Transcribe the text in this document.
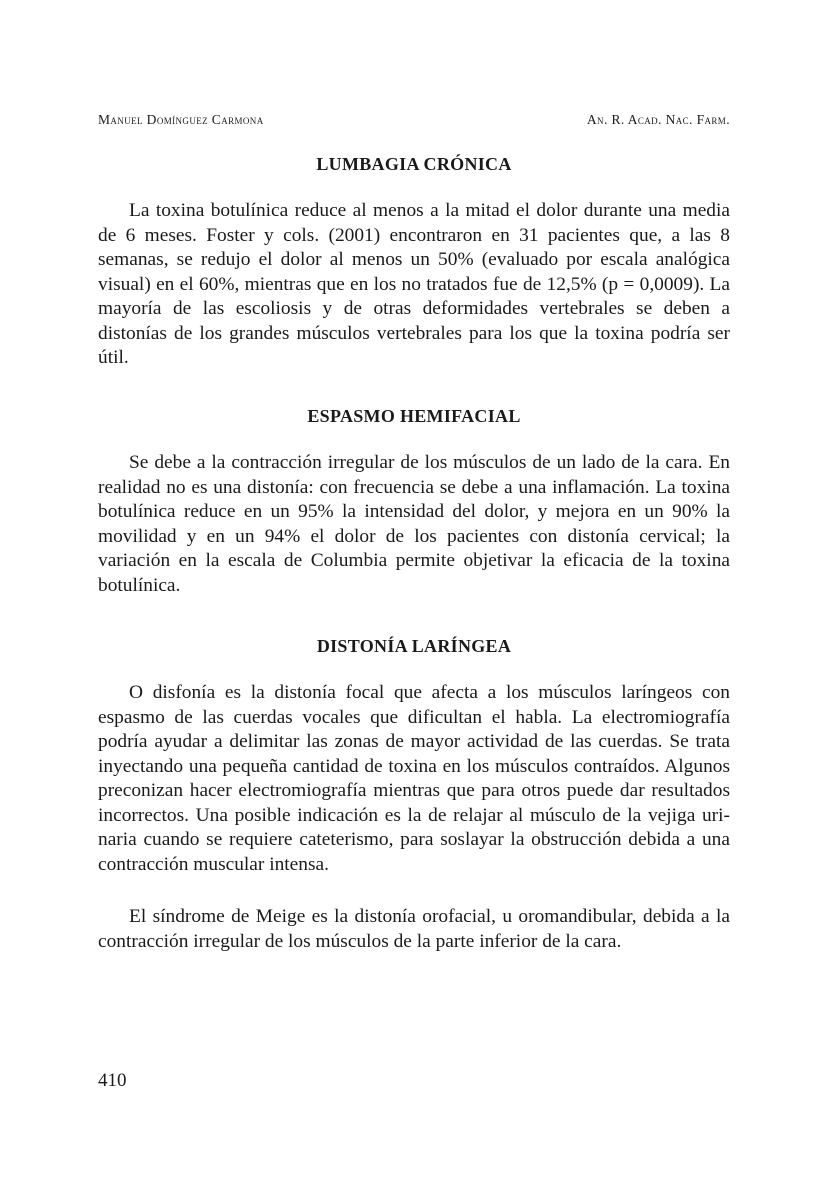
Manuel Domínguez Carmona	An. R. Acad. Nac. Farm.
LUMBAGIA CRÓNICA

La toxina botulínica reduce al menos a la mitad el dolor durante una media de 6 meses. Foster y cols. (2001) encontraron en 31 pacientes que, a las 8 semanas, se redujo el dolor al menos un 50% (evaluado por escala analógica visual) en el 60%, mientras que en los no tratados fue de 12,5% (p = 0,0009). La mayoría de las escoliosis y de otras deformidades vertebrales se deben a distonías de los grandes músculos vertebrales para los que la toxina podría ser útil.

ESPASMO HEMIFACIAL

Se debe a la contracción irregular de los músculos de un lado de la cara. En realidad no es una distonía: con frecuencia se debe a una inflamación. La toxina botulínica reduce en un 95% la intensidad del dolor, y mejora en un 90% la movilidad y en un 94% el dolor de los pacientes con distonía cervical; la variación en la escala de Columbia permite objetivar la eficacia de la toxina botulínica.

DISTONÍA LARÍNGEA

O disfonía es la distonía focal que afecta a los músculos laríngeos con espasmo de las cuerdas vocales que dificultan el habla. La electromiografía podría ayudar a delimitar las zonas de mayor actividad de las cuerdas. Se trata inyectando una pequeña cantidad de toxina en los músculos contraídos. Algunos preconizan hacer electromiografía mientras que para otros puede dar resultados incorrectos. Una posible indicación es la de relajar al músculo de la vejiga urinaria cuando se requiere cateterismo, para soslayar la obstrucción debida a una contracción muscular intensa.

El síndrome de Meige es la distonía orofacial, u oromandibular, debida a la contracción irregular de los músculos de la parte inferior de la cara.

410
